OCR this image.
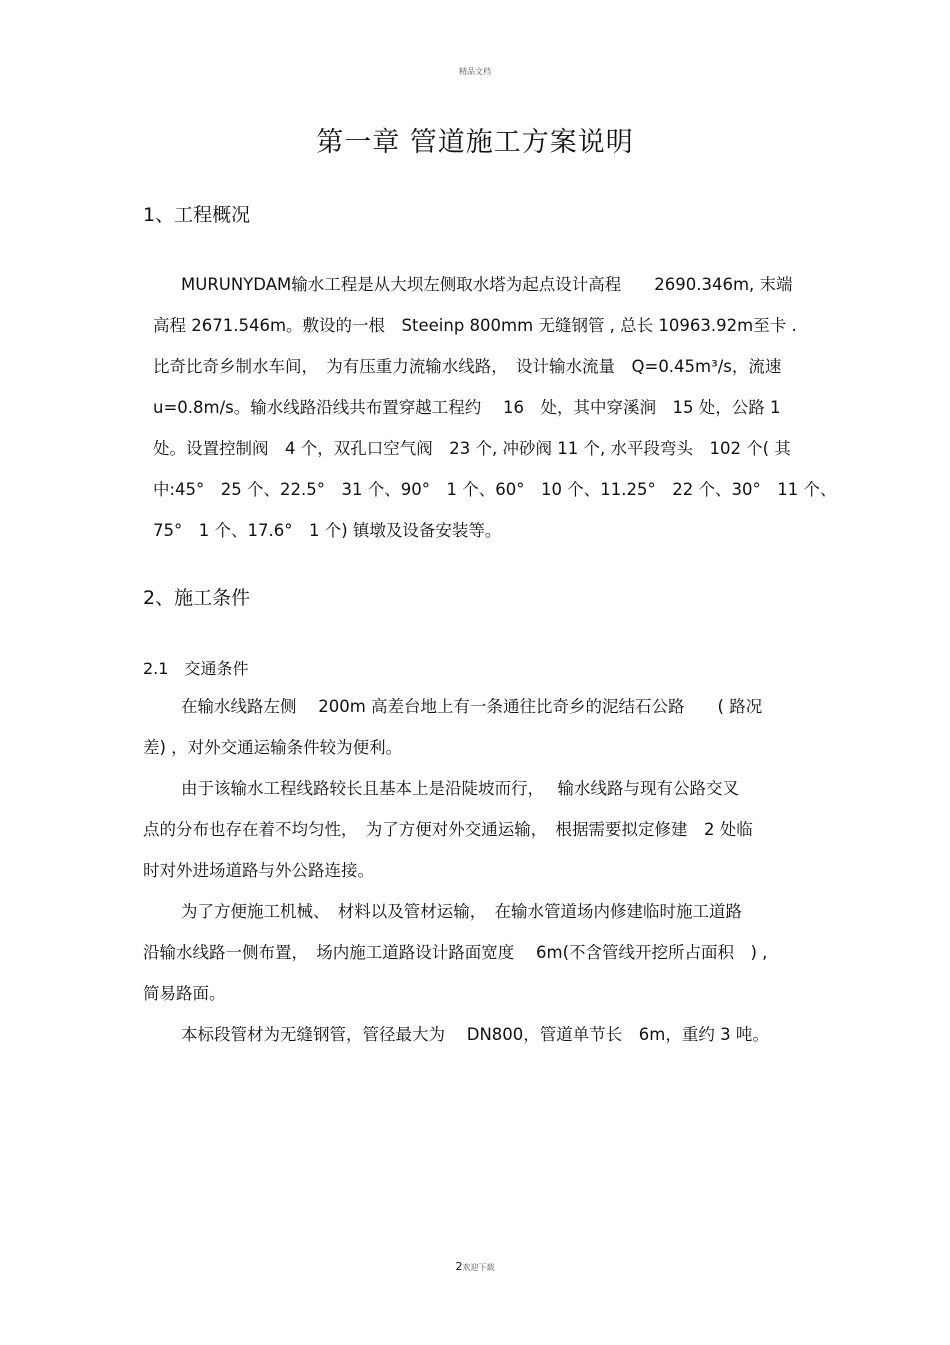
精品文档
第一章 管道施工方案说明
1、工程概况
MURUNYDAM输水工程是从大坝左侧取水塔为起点设计高程　　2690.346m, 末端
高程 2671.546m。敷设的一根　Steeinp 800mm 无缝钢管 , 总长 10963.92m至卡 .
比奇比奇乡制水车间，　为有压重力流输水线路，　设计输水流量　Q=0.45m³/s，流速
u=0.8m/s。输水线路沿线共布置穿越工程约　 16　处，其中穿溪涧　15 处，公路 1
处。设置控制阀　4 个，双孔口空气阀　23 个, 冲砂阀 11 个, 水平段弯头　102 个( 其
中:45°　25 个、22.5°　31 个、90°　1 个、60°　10 个、11.25°　22 个、30°　11 个、
75°　1 个、17.6°　1 个) 镇墩及设备安装等。
2、施工条件
2.1　交通条件
在输水线路左侧　 200m 高差台地上有一条通往比奇乡的泥结石公路　　( 路况
差) ，对外交通运输条件较为便利。
由于该输水工程线路较长且基本上是沿陡坡而行，　 输水线路与现有公路交叉
点的分布也存在着不均匀性，　为了方便对外交通运输，　根据需要拟定修建　2 处临
时对外进场道路与外公路连接。
为了方便施工机械、　材料以及管材运输，　在输水管道场内修建临时施工道路
沿输水线路一侧布置，　场内施工道路设计路面宽度　 6m(不含管线开挖所占面积　) ,
简易路面。
本标段管材为无缝钢管，管径最大为　 DN800，管道单节长　6m，重约 3 吨。
2欢迎下载
